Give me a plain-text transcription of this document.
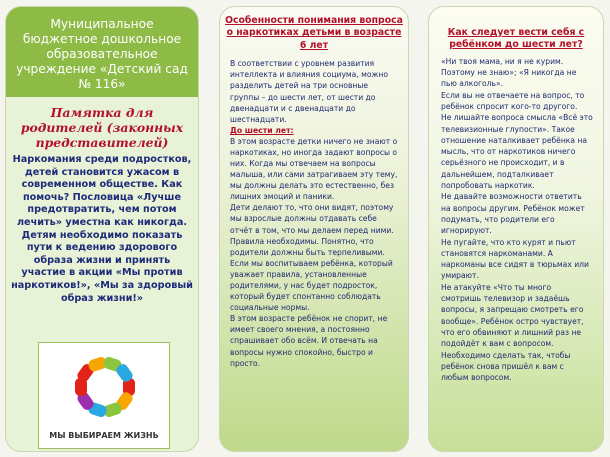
Муниципальное бюджетное дошкольное образовательное учреждение «Детский сад № 116»
Памятка для родителей (законных представителей)
Наркомания среди подростков, детей становится ужасом в современном обществе. Как помочь? Пословица «Лучше предотвратить, чем потом лечить» уместна как никогда. Детям необходимо показать пути к ведению здорового образа жизни и принять участие в акции «Мы против наркотиков!», «Мы за здоровый образ жизни!»
МЫ ВЫБИРАЕМ ЖИЗНЬ
Особенности понимания вопроса о наркотиках детьми в возрасте 6 лет

В соответствии с уровнем развития интеллекта и влияния социума, можно разделить детей на три основные группы – до шести лет, от шести до двенадцати и с двенадцати до шестнадцати.

До шести лет:

В этом возрасте детки ничего не знают о наркотиках, но иногда задают вопросы о них. Когда мы отвечаем на вопросы малыша, или сами затрагиваем эту тему, мы должны делать это естественно, без лишних эмоций и паники.

Дети делают то, что они видят, поэтому мы взрослые должны отдавать себе отчёт в том, что мы делаем перед ними.

Правила необходимы. Понятно, что родители должны быть терпеливыми. Если мы воспитываем ребёнка, который уважает правила, установленные родителями, у нас будет подросток, который будет спонтанно соблюдать социальные нормы.

В этом возрасте ребёнок не спорит, не имеет своего мнения, а постоянно спрашивает обо всём. И отвечать на вопросы нужно спокойно, быстро и просто.

Как следует вести себя с ребёнком до шести лет?

«Ни твоя мама, ни я не курим. Поэтому не знаю»; «Я никогда не пью алкоголь».

Если вы не отвечаете на вопрос, то ребёнок спросит кого-то другого.

Не лишайте вопроса смысла «Всё это телевизионные глупости». Такое отношение наталкивает ребёнка на мысль, что от наркотиков ничего серьёзного не происходит, и в дальнейшем, подталкивает попробовать наркотик.

Не давайте возможности ответить на вопросы другим. Ребёнок может подумать, что родители его игнорируют.

Не пугайте, что кто курят и пьют становятся наркоманами. А наркоманы все сидят в тюрьмах или умирают.

Не атакуйте «Что ты много смотришь телевизор и задаёшь вопросы, я запрещаю смотреть его вообще». Ребёнок остро чувствует, что его обвиняют и лишний раз не подойдёт к вам с вопросом. Необходимо сделать так, чтобы ребёнок снова пришёл к вам с любым вопросом.
